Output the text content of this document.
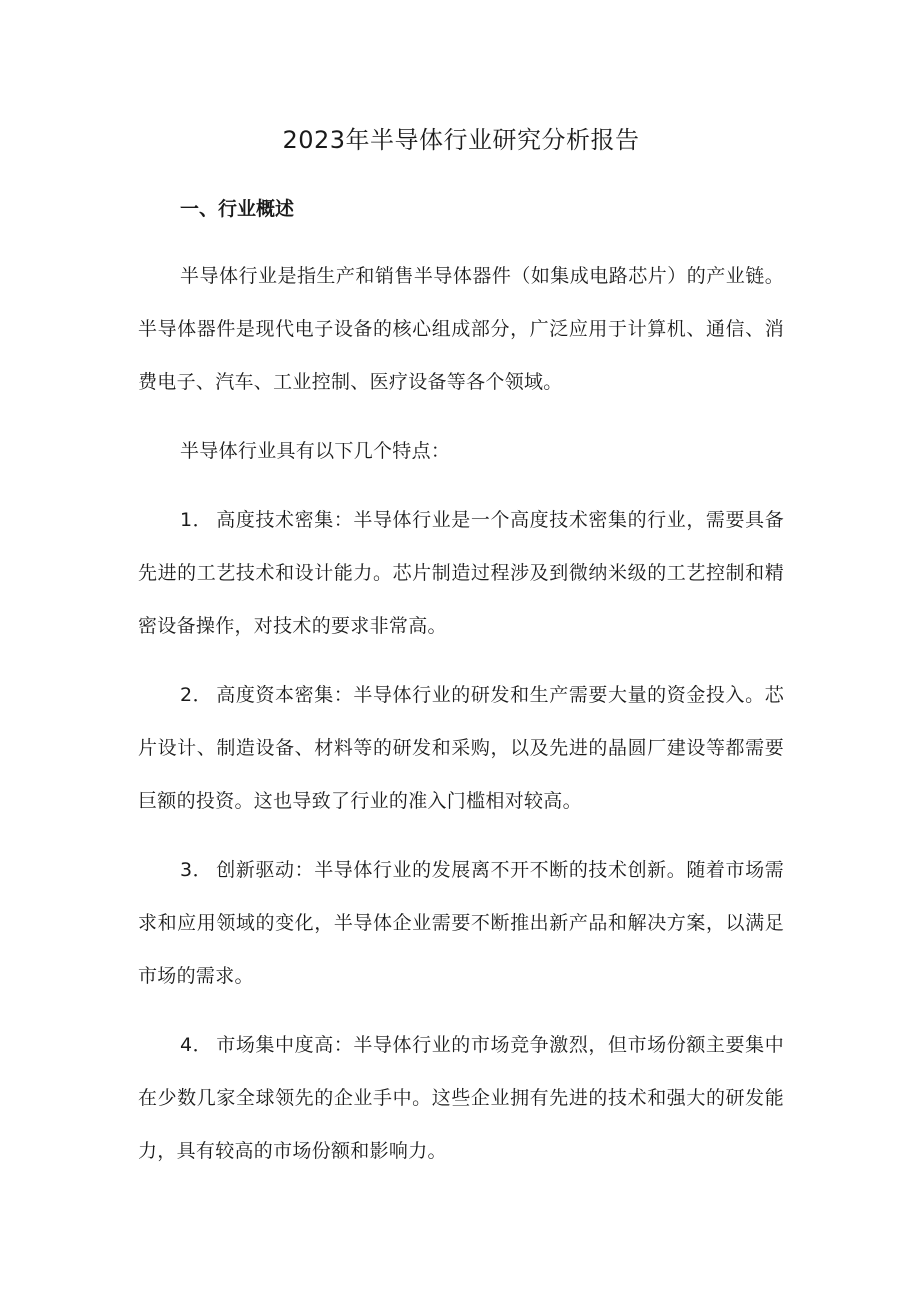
2023年半导体行业研究分析报告
一、行业概述

半导体行业是指生产和销售半导体器件（如集成电路芯片）的产业链。半导体器件是现代电子设备的核心组成部分，广泛应用于计算机、通信、消费电子、汽车、工业控制、医疗设备等各个领域。

半导体行业具有以下几个特点：

1． 高度技术密集：半导体行业是一个高度技术密集的行业，需要具备先进的工艺技术和设计能力。芯片制造过程涉及到微纳米级的工艺控制和精密设备操作，对技术的要求非常高。

2． 高度资本密集：半导体行业的研发和生产需要大量的资金投入。芯片设计、制造设备、材料等的研发和采购，以及先进的晶圆厂建设等都需要巨额的投资。这也导致了行业的准入门槛相对较高。

3． 创新驱动：半导体行业的发展离不开不断的技术创新。随着市场需求和应用领域的变化，半导体企业需要不断推出新产品和解决方案，以满足市场的需求。

4． 市场集中度高：半导体行业的市场竞争激烈，但市场份额主要集中在少数几家全球领先的企业手中。这些企业拥有先进的技术和强大的研发能力，具有较高的市场份额和影响力。
